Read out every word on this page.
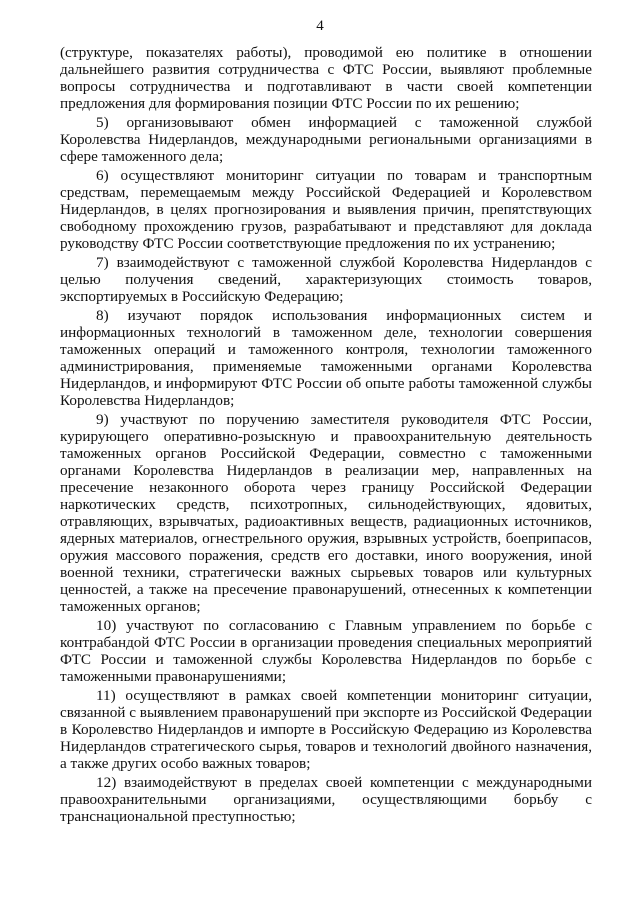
4

(структуре, показателях работы), проводимой ею политике в отношении дальнейшего развития сотрудничества с ФТС России, выявляют проблемные вопросы сотрудничества и подготавливают в части своей компетенции предложения для формирования позиции ФТС России по их решению;

5) организовывают обмен информацией с таможенной службой Королевства Нидерландов, международными региональными организациями в сфере таможенного дела;

6) осуществляют мониторинг ситуации по товарам и транспортным средствам, перемещаемым между Российской Федерацией и Королевством Нидерландов, в целях прогнозирования и выявления причин, препятствующих свободному прохождению грузов, разрабатывают и представляют для доклада руководству ФТС России соответствующие предложения по их устранению;

7) взаимодействуют с таможенной службой Королевства Нидерландов с целью получения сведений, характеризующих стоимость товаров, экспортируемых в Российскую Федерацию;

8) изучают порядок использования информационных систем и информационных технологий в таможенном деле, технологии совершения таможенных операций и таможенного контроля, технологии таможенного администрирования, применяемые таможенными органами Королевства Нидерландов, и информируют ФТС России об опыте работы таможенной службы Королевства Нидерландов;

9) участвуют по поручению заместителя руководителя ФТС России, курирующего оперативно-розыскную и правоохранительную деятельность таможенных органов Российской Федерации, совместно с таможенными органами Королевства Нидерландов в реализации мер, направленных на пресечение незаконного оборота через границу Российской Федерации наркотических средств, психотропных, сильнодействующих, ядовитых, отравляющих, взрывчатых, радиоактивных веществ, радиационных источников, ядерных материалов, огнестрельного оружия, взрывных устройств, боеприпасов, оружия массового поражения, средств его доставки, иного вооружения, иной военной техники, стратегически важных сырьевых товаров или культурных ценностей, а также на пресечение правонарушений, отнесенных к компетенции таможенных органов;

10) участвуют по согласованию с Главным управлением по борьбе с контрабандой ФТС России в организации проведения специальных мероприятий ФТС России и таможенной службы Королевства Нидерландов по борьбе с таможенными правонарушениями;

11) осуществляют в рамках своей компетенции мониторинг ситуации, связанной с выявлением правонарушений при экспорте из Российской Федерации в Королевство Нидерландов и импорте в Российскую Федерацию из Королевства Нидерландов стратегического сырья, товаров и технологий двойного назначения, а также других особо важных товаров;

12) взаимодействуют в пределах своей компетенции с международными правоохранительными организациями, осуществляющими борьбу с транснациональной преступностью;
